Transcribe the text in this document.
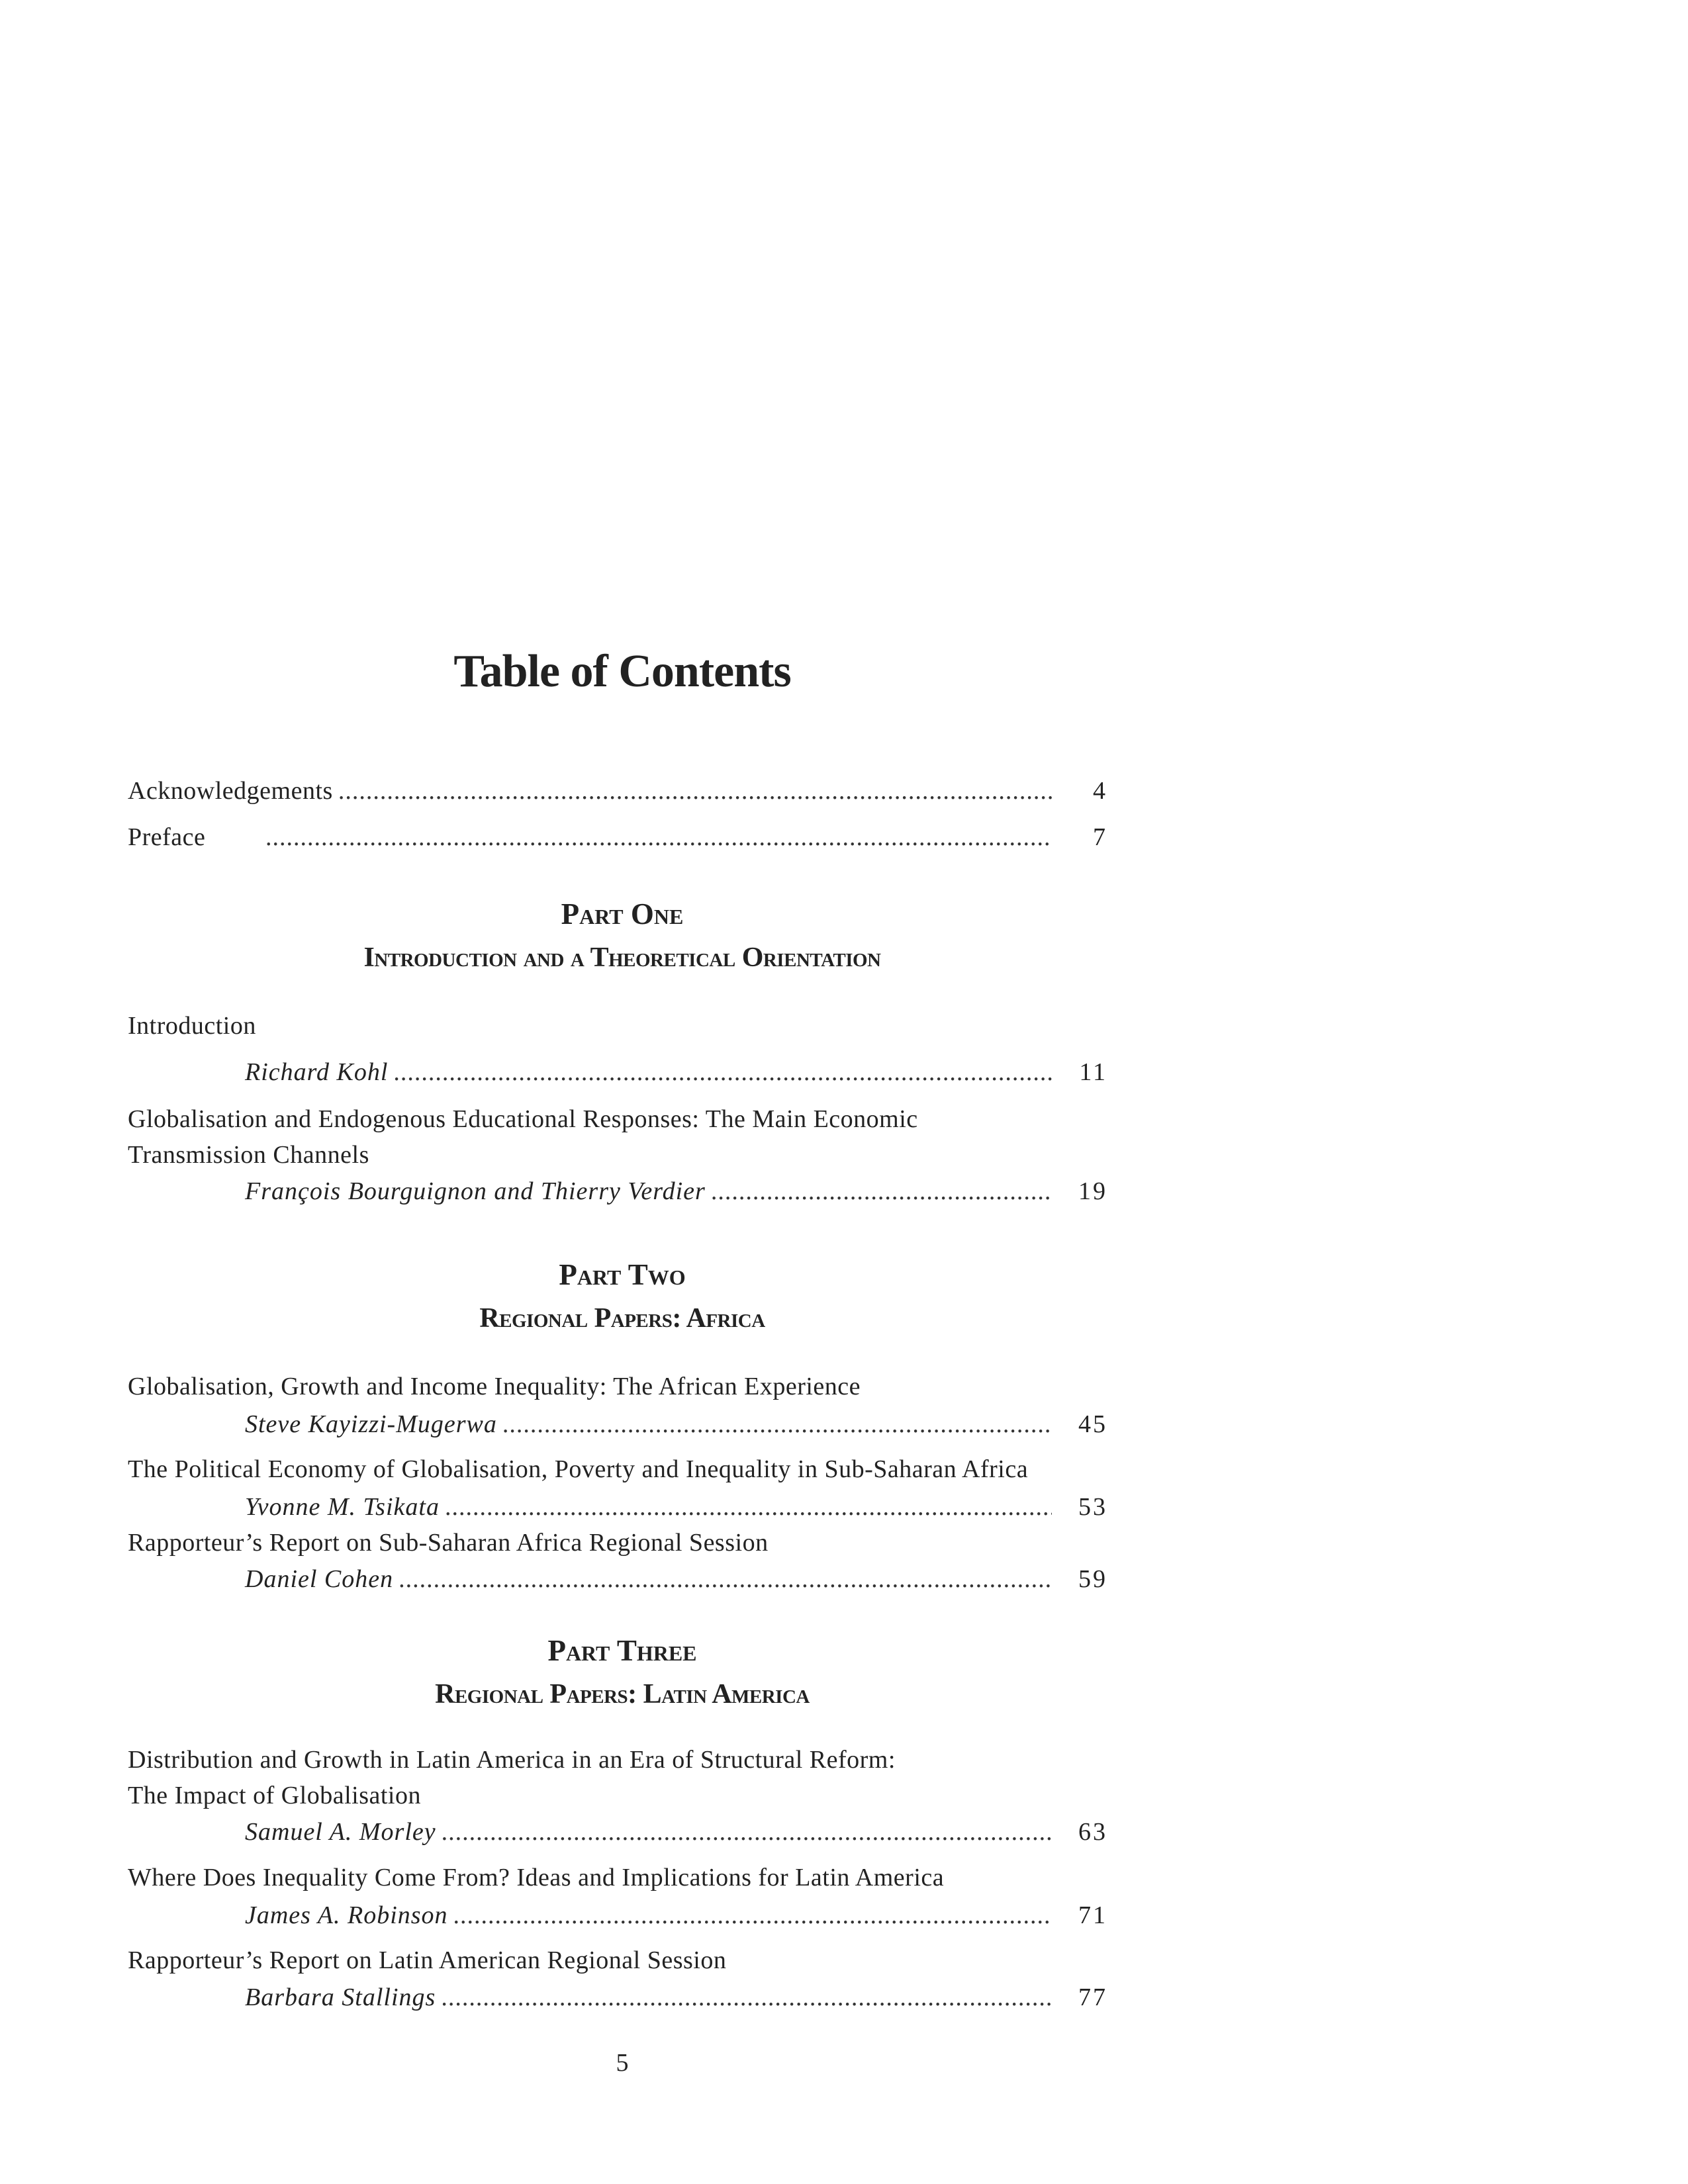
Table of Contents
Acknowledgements .....	4
Preface .....	7
Part One
Introduction and a Theoretical Orientation
Introduction
Richard Kohl .....	11
Globalisation and Endogenous Educational Responses: The Main Economic
Transmission Channels
François Bourguignon and Thierry Verdier .....	19
Part Two
Regional Papers: Africa
Globalisation, Growth and Income Inequality: The African Experience
Steve Kayizzi-Mugerwa .....	45
The Political Economy of Globalisation, Poverty and Inequality in Sub-Saharan Africa
Yvonne M. Tsikata .....	53
Rapporteur’s Report on Sub-Saharan Africa Regional Session
Daniel Cohen .....	59
Part Three
Regional Papers: Latin America
Distribution and Growth in Latin America in an Era of Structural Reform:
The Impact of Globalisation
Samuel A. Morley .....	63
Where Does Inequality Come From? Ideas and Implications for Latin America
James A. Robinson .....	71
Rapporteur’s Report on Latin American Regional Session
Barbara Stallings .....	77
5
